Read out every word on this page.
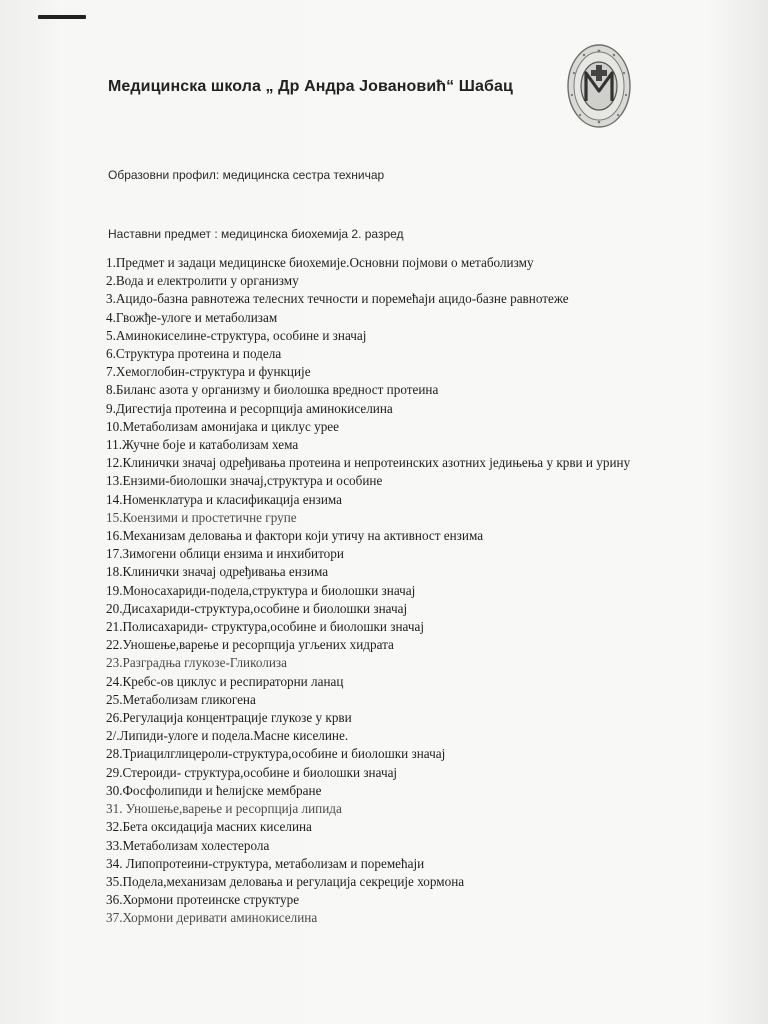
Медицинска школа „ Др Андра Јовановић“ Шабац
Образовни профил: медицинска сестра техничар
Наставни предмет : медицинска биохемија 2. разред
1.Предмет и задаци медицинске биохемије.Основни појмови о метаболизму
2.Вода и електролити у организму
3.Ацидо-базна равнотежа телесних течности и поремећаји ацидо-базне равнотеже
4.Гвожђе-улоге и метаболизам
5.Аминокиселине-структура, особине и значај
6.Структура протеина и подела
7.Хемоглобин-структура и функције
8.Биланс азота у организму и биолошка вредност протеина
9.Дигестија протеина и ресорпција аминокиселина
10.Метаболизам амонијака и циклус урее
11.Жучне боје и катаболизам хема
12.Клинички значај одређивања протеина и непротеинских азотних једињења у крви и урину
13.Ензими-биолошки значај,структура и особине
14.Номенклатура и класификација ензима
15.Коензими и простетичне групе
16.Механизам деловања и фактори који утичу на активност ензима
17.Зимогени облици ензима и инхибитори
18.Клинички значај одређивања ензима
19.Моносахариди-подела,структура и биолошки значај
20.Дисахариди-структура,особине и биолошки значај
21.Полисахариди- структура,особине и биолошки значај
22.Уношење,варење и ресорпција угљених хидрата
23.Разградња глукозе-Гликолиза
24.Кребс-ов циклус и респираторни ланац
25.Метаболизам гликогена
26.Регулација концентрације глукозе у крви
2/.Липиди-улоге и подела.Масне киселине.
28.Триацилглицероли-структура,особине и биолошки значај
29.Стероиди- структура,особине и биолошки значај
30.Фосфолипиди и ћелијске мембране
31. Уношење,варење и ресорпција липида
32.Бета оксидација масних киселина
33.Метаболизам холестерола
34. Липопротеини-структура, метаболизам и поремећаји
35.Подела,механизам деловања и регулација секреције хормона
36.Хормони протеинске структуре
37.Хормони деривати аминокиселина
